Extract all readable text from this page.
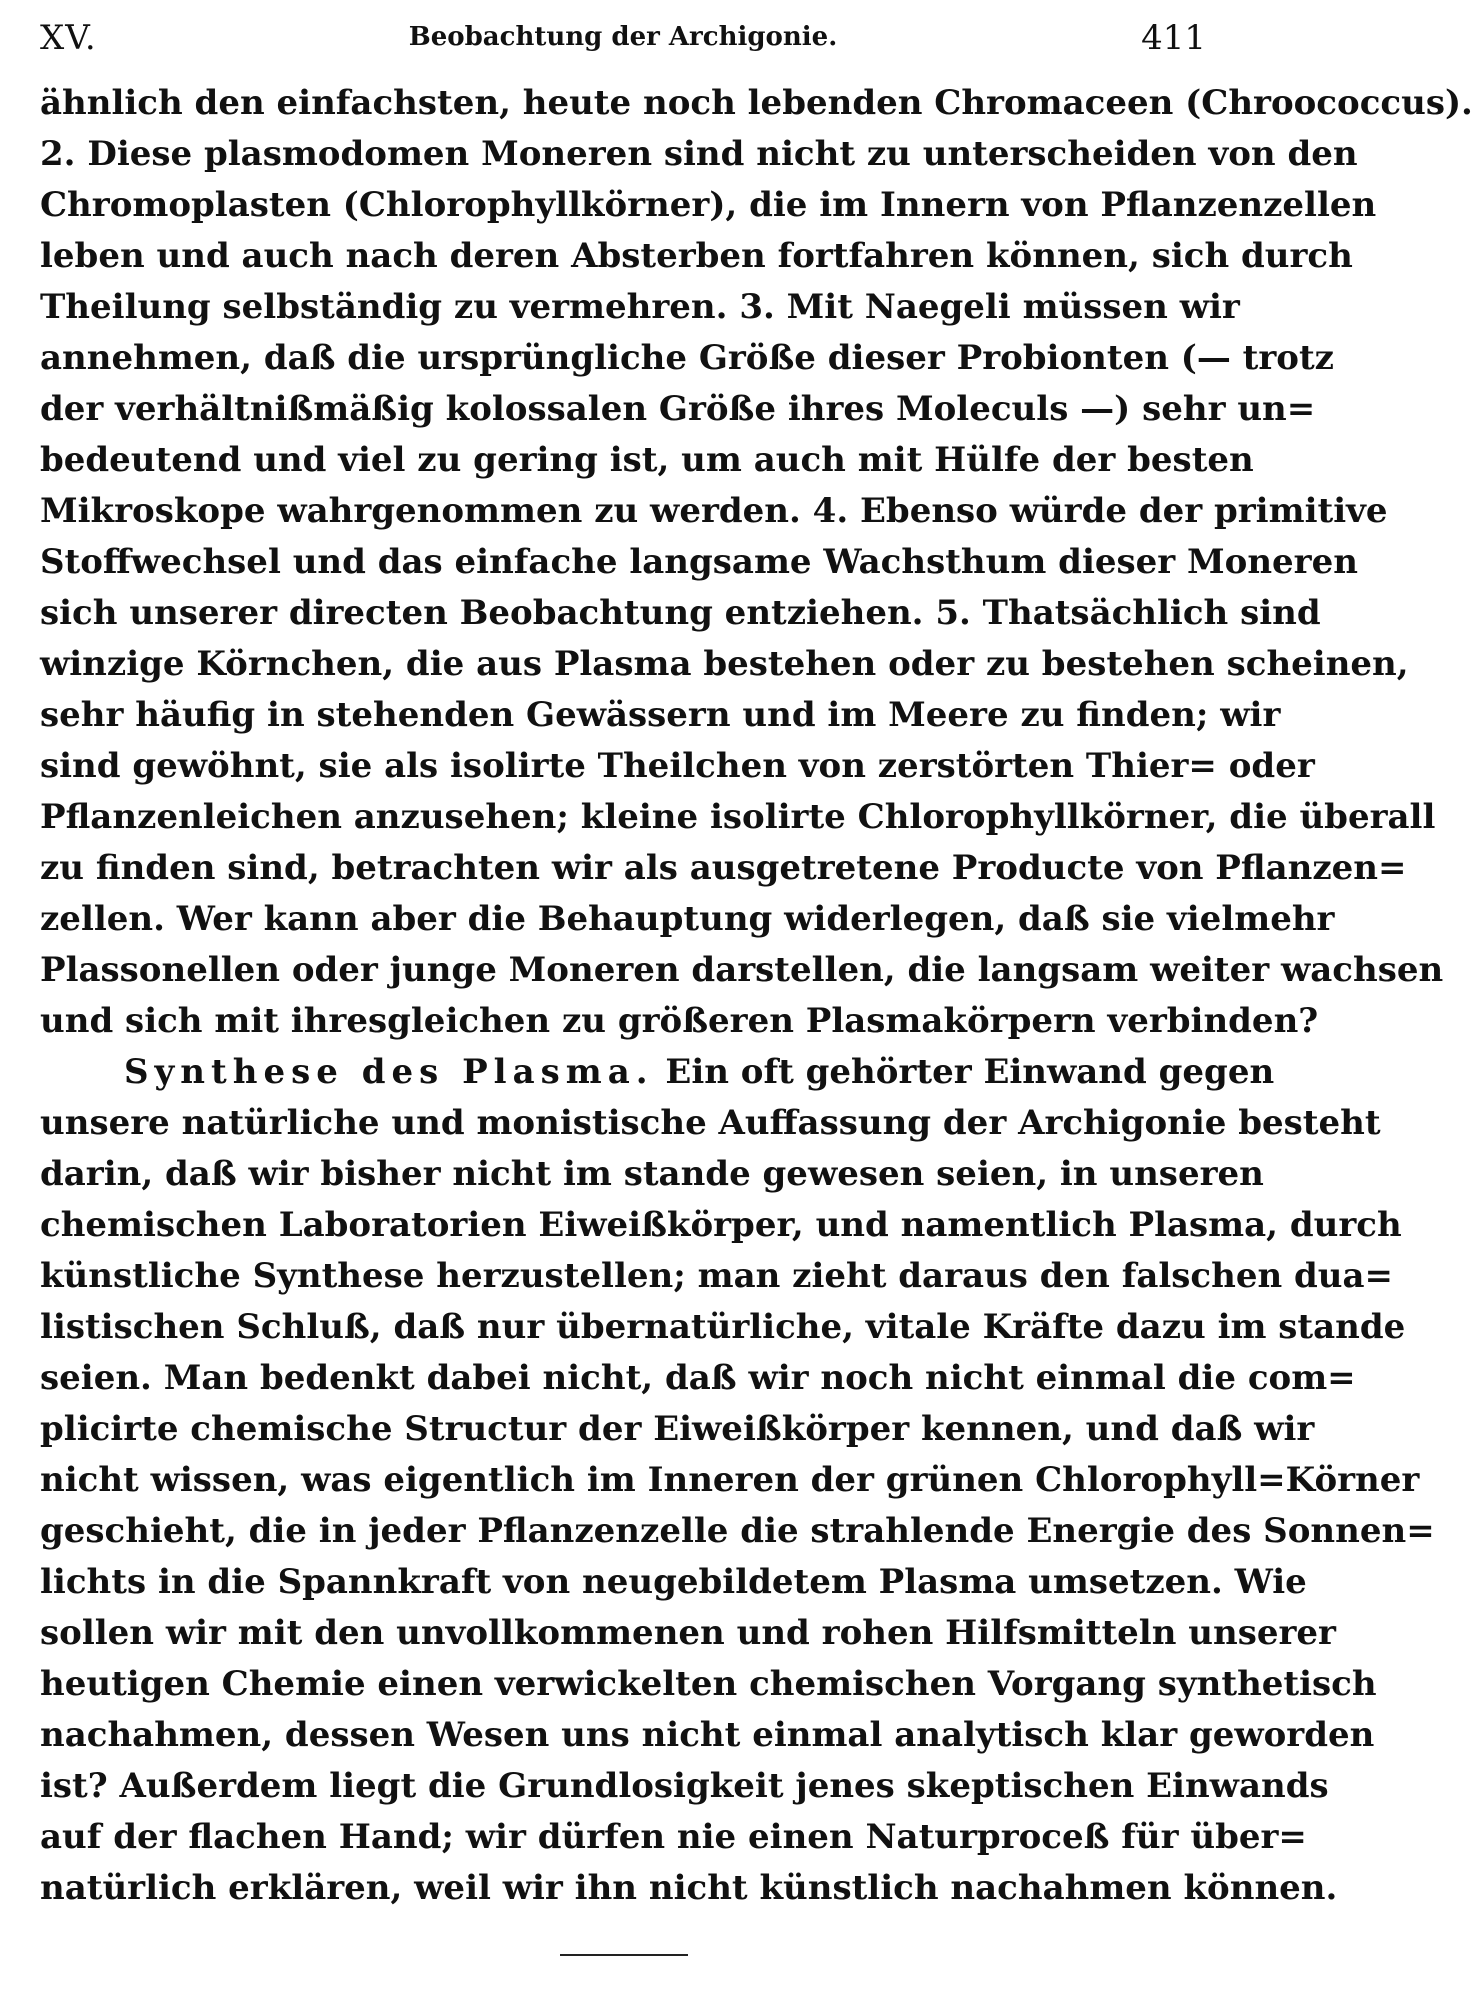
XV.	Beobachtung der Archigonie.	411
ähnlich den einfachsten, heute noch lebenden Chromaceen (Chroococcus).
2. Diese plasmodomen Moneren sind nicht zu unterscheiden von den
Chromoplasten (Chlorophyllkörner), die im Innern von Pflanzenzellen
leben und auch nach deren Absterben fortfahren können, sich durch
Theilung selbständig zu vermehren. 3. Mit Naegeli müssen wir
annehmen, daß die ursprüngliche Größe dieser Probionten (— trotz
der verhältnißmäßig kolossalen Größe ihres Moleculs —) sehr un=
bedeutend und viel zu gering ist, um auch mit Hülfe der besten
Mikroskope wahrgenommen zu werden. 4. Ebenso würde der primitive
Stoffwechsel und das einfache langsame Wachsthum dieser Moneren
sich unserer directen Beobachtung entziehen. 5. Thatsächlich sind
winzige Körnchen, die aus Plasma bestehen oder zu bestehen scheinen,
sehr häufig in stehenden Gewässern und im Meere zu finden; wir
sind gewöhnt, sie als isolirte Theilchen von zerstörten Thier= oder
Pflanzenleichen anzusehen; kleine isolirte Chlorophyllkörner, die überall
zu finden sind, betrachten wir als ausgetretene Producte von Pflanzen=
zellen. Wer kann aber die Behauptung widerlegen, daß sie vielmehr
Plassonellen oder junge Moneren darstellen, die langsam weiter wachsen
und sich mit ihresgleichen zu größeren Plasmakörpern verbinden?
Synthese des Plasma. Ein oft gehörter Einwand gegen
unsere natürliche und monistische Auffassung der Archigonie besteht
darin, daß wir bisher nicht im stande gewesen seien, in unseren
chemischen Laboratorien Eiweißkörper, und namentlich Plasma, durch
künstliche Synthese herzustellen; man zieht daraus den falschen dua=
listischen Schluß, daß nur übernatürliche, vitale Kräfte dazu im stande
seien. Man bedenkt dabei nicht, daß wir noch nicht einmal die com=
plicirte chemische Structur der Eiweißkörper kennen, und daß wir
nicht wissen, was eigentlich im Inneren der grünen Chlorophyll=Körner
geschieht, die in jeder Pflanzenzelle die strahlende Energie des Sonnen=
lichts in die Spannkraft von neugebildetem Plasma umsetzen. Wie
sollen wir mit den unvollkommenen und rohen Hilfsmitteln unserer
heutigen Chemie einen verwickelten chemischen Vorgang synthetisch
nachahmen, dessen Wesen uns nicht einmal analytisch klar geworden
ist? Außerdem liegt die Grundlosigkeit jenes skeptischen Einwands
auf der flachen Hand; wir dürfen nie einen Naturproceß für über=
natürlich erklären, weil wir ihn nicht künstlich nachahmen können.
